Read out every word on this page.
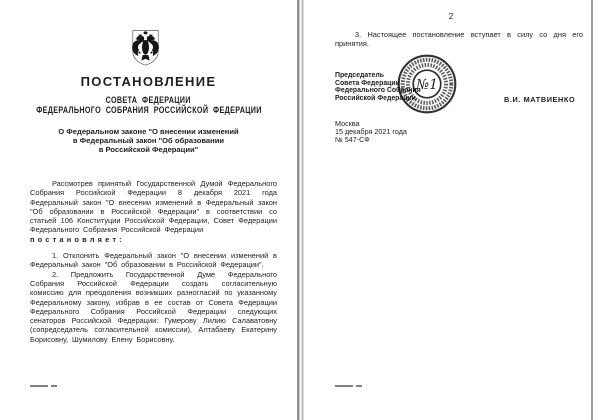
ПОСТАНОВЛЕНИЕ
СОВЕТА ФЕДЕРАЦИИ
ФЕДЕРАЛЬНОГО СОБРАНИЯ РОССИЙСКОЙ ФЕДЕРАЦИИ
О Федеральном законе "О внесении изменений
в Федеральный закон "Об образовании
в Российской Федерации"

Рассмотрев принятый Государственной Думой Федерального Собрания Российской Федерации 8 декабря 2021 года Федеральный закон "О внесении изменений в Федеральный закон "Об образовании в Российской Федерации" в соответствии со статьей 106 Конституции Российской Федерации, Совет Федерации Федерального Собрания Российской Федерации

постановляет:

1. Отклонить Федеральный закон "О внесении изменений в Федеральный закон "Об образовании в Российской Федерации".

2. Предложить Государственной Думе Федерального Собрания Российской Федерации создать согласительную комиссию для преодоления возникших разногласий по указанному Федеральному закону, избрав в ее состав от Совета Федерации Федерального Собрания Российской Федерации следующих сенаторов Российской Федерации: Гумерову Лилию Салаватовну (сопредседатель согласительной комиссии), Алтабаеву Екатерину Борисовну, Шумилову Елену Борисовну.

2

3. Настоящее постановление вступает в силу со дня его принятия.

Председатель
Совета Федерации
Федерального Собрания
Российской Федерации	В.И. МАТВИЕНКО
№1
Москва
15 декабря 2021 года
№ 547-СФ
